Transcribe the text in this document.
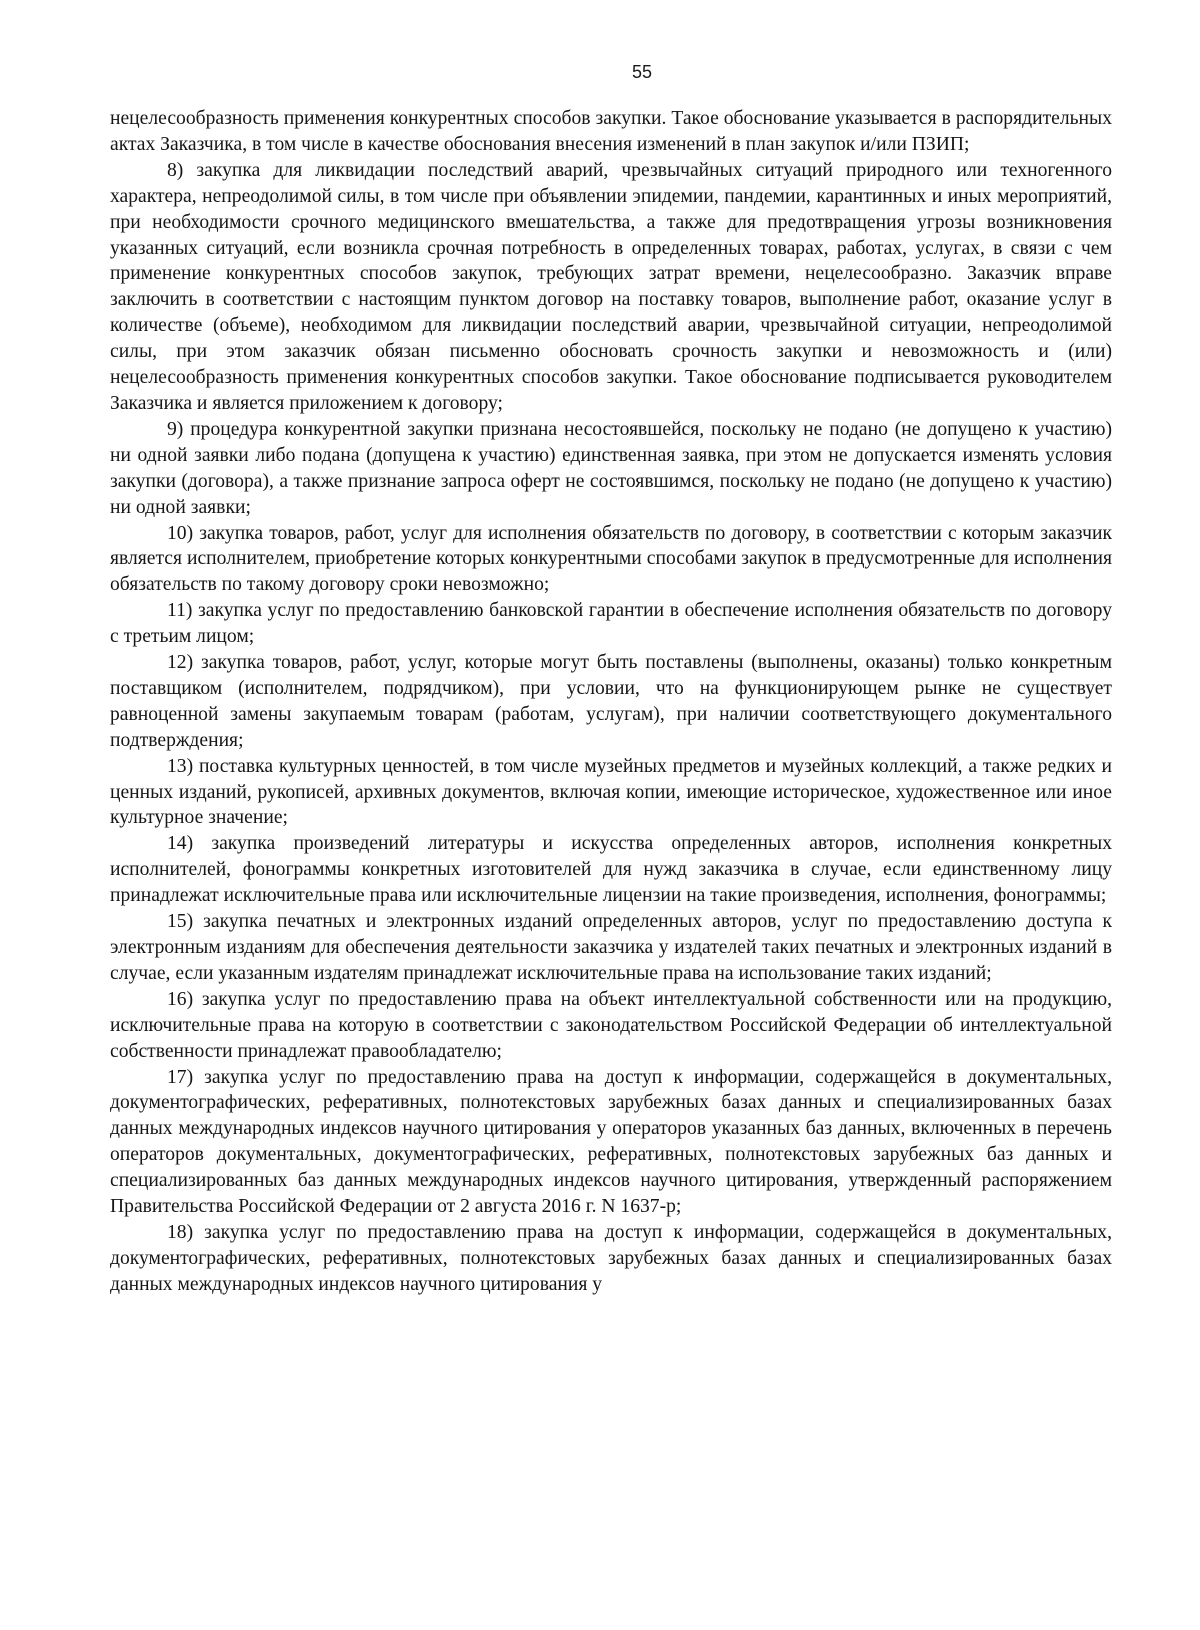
55

нецелесообразность применения конкурентных способов закупки. Такое обоснование указывается в распорядительных актах Заказчика, в том числе в качестве обоснования внесения изменений в план закупок и/или ПЗИП;

8) закупка для ликвидации последствий аварий, чрезвычайных ситуаций природного или техногенного характера, непреодолимой силы, в том числе при объявлении эпидемии, пандемии, карантинных и иных мероприятий, при необходимости срочного медицинского вмешательства, а также для предотвращения угрозы возникновения указанных ситуаций, если возникла срочная потребность в определенных товарах, работах, услугах, в связи с чем применение конкурентных способов закупок, требующих затрат времени, нецелесообразно. Заказчик вправе заключить в соответствии с настоящим пунктом договор на поставку товаров, выполнение работ, оказание услуг в количестве (объеме), необходимом для ликвидации последствий аварии, чрезвычайной ситуации, непреодолимой силы, при этом заказчик обязан письменно обосновать срочность закупки и невозможность и (или) нецелесообразность применения конкурентных способов закупки. Такое обоснование подписывается руководителем Заказчика и является приложением к договору;

9) процедура конкурентной закупки признана несостоявшейся, поскольку не подано (не допущено к участию) ни одной заявки либо подана (допущена к участию) единственная заявка, при этом не допускается изменять условия закупки (договора), а также признание запроса оферт не состоявшимся, поскольку не подано (не допущено к участию) ни одной заявки;

10) закупка товаров, работ, услуг для исполнения обязательств по договору, в соответствии с которым заказчик является исполнителем, приобретение которых конкурентными способами закупок в предусмотренные для исполнения обязательств по такому договору сроки невозможно;

11) закупка услуг по предоставлению банковской гарантии в обеспечение исполнения обязательств по договору с третьим лицом;

12) закупка товаров, работ, услуг, которые могут быть поставлены (выполнены, оказаны) только конкретным поставщиком (исполнителем, подрядчиком), при условии, что на функционирующем рынке не существует равноценной замены закупаемым товарам (работам, услугам), при наличии соответствующего документального подтверждения;

13) поставка культурных ценностей, в том числе музейных предметов и музейных коллекций, а также редких и ценных изданий, рукописей, архивных документов, включая копии, имеющие историческое, художественное или иное культурное значение;

14) закупка произведений литературы и искусства определенных авторов, исполнения конкретных исполнителей, фонограммы конкретных изготовителей для нужд заказчика в случае, если единственному лицу принадлежат исключительные права или исключительные лицензии на такие произведения, исполнения, фонограммы;

15) закупка печатных и электронных изданий определенных авторов, услуг по предоставлению доступа к электронным изданиям для обеспечения деятельности заказчика у издателей таких печатных и электронных изданий в случае, если указанным издателям принадлежат исключительные права на использование таких изданий;

16) закупка услуг по предоставлению права на объект интеллектуальной собственности или на продукцию, исключительные права на которую в соответствии с законодательством Российской Федерации об интеллектуальной собственности принадлежат правообладателю;

17) закупка услуг по предоставлению права на доступ к информации, содержащейся в документальных, документографических, реферативных, полнотекстовых зарубежных базах данных и специализированных базах данных международных индексов научного цитирования у операторов указанных баз данных, включенных в перечень операторов документальных, документографических, реферативных, полнотекстовых зарубежных баз данных и специализированных баз данных международных индексов научного цитирования, утвержденный распоряжением Правительства Российской Федерации от 2 августа 2016 г. N 1637-р;

18) закупка услуг по предоставлению права на доступ к информации, содержащейся в документальных, документографических, реферативных, полнотекстовых зарубежных базах данных и специализированных базах данных международных индексов научного цитирования у
